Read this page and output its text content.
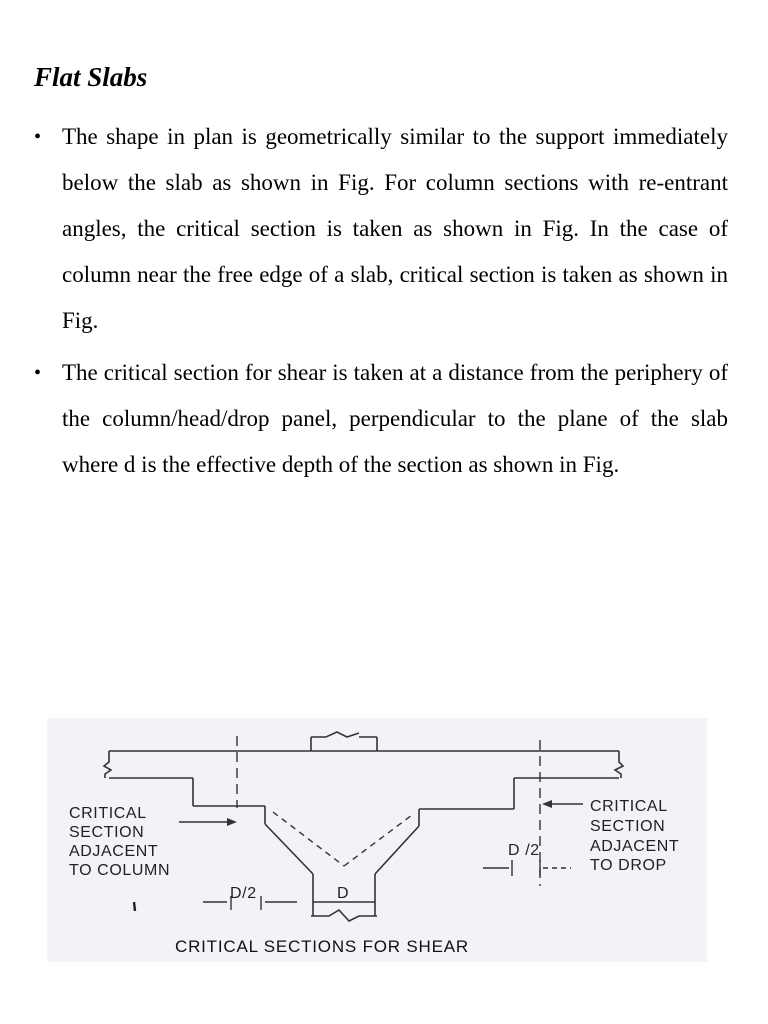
Flat Slabs
• The shape in plan is geometrically similar to the support immediately below the slab as shown in Fig. For column sections with re-entrant angles, the critical section is taken as shown in Fig. In the case of column near the free edge of a slab, critical section is taken as shown in Fig.
• The critical section for shear is taken at a distance from the periphery of the column/head/drop panel, perpendicular to the plane of the slab where d is the effective depth of the section as shown in Fig.
CRITICAL
SECTION
ADJACENT
TO COLUMN
CRITICAL
SECTION
ADJACENT
TO DROP
D/2	D
D /2
CRITICAL SECTIONS FOR SHEAR
